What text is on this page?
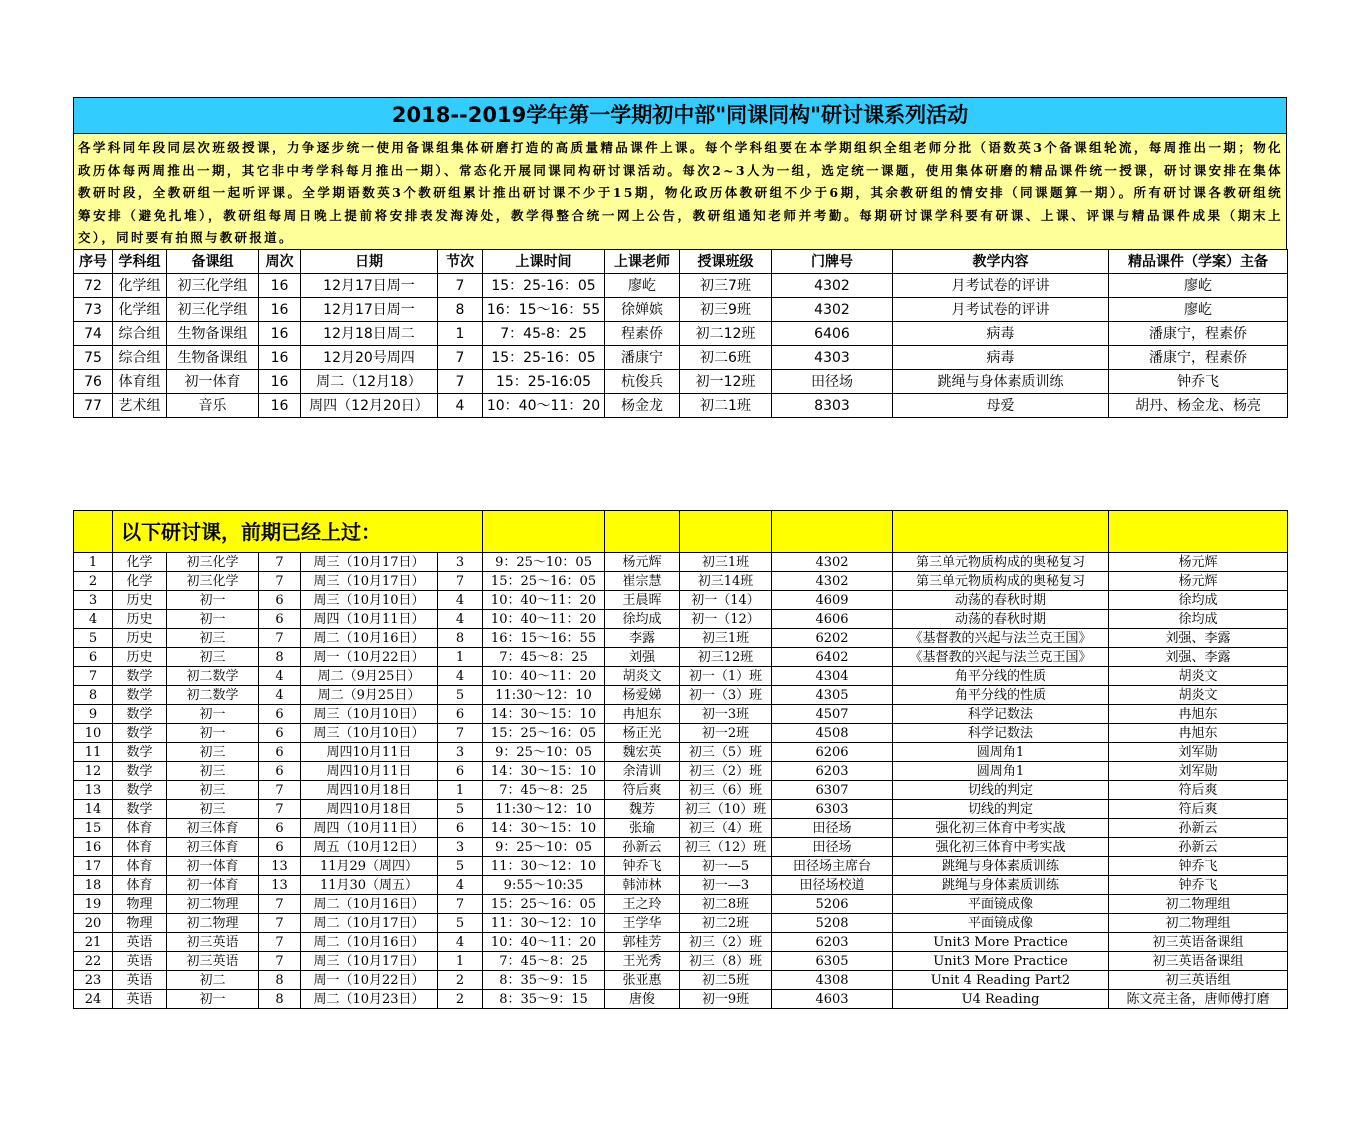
2018--2019学年第一学期初中部"同课同构"研讨课系列活动
各学科同年段同层次班级授课，力争逐步统一使用备课组集体研磨打造的高质量精品课件上课。每个学科组要在本学期组织全组老师分批（语数英3个备课组轮流，每周推出一期；物化政历体每两周推出一期，其它非中考学科每月推出一期）、常态化开展同课同构研讨课活动。每次2~3人为一组，选定统一课题，使用集体研磨的精品课件统一授课，研讨课安排在集体教研时段，全教研组一起听评课。全学期语数英3个教研组累计推出研讨课不少于15期，物化政历体教研组不少于6期，其余教研组的情安排（同课题算一期）。所有研讨课各教研组统筹安排（避免扎堆），教研组每周日晚上提前将安排表发海涛处，教学得整合统一网上公告，教研组通知老师并考勤。每期研讨课学科要有研课、上课、评课与精品课件成果（期末上交），同时要有拍照与教研报道。
序号	学科组	备课组	周次	日期	节次	上课时间	上课老师	授课班级	门牌号	教学内容	精品课件（学案）主备
72	化学组	初三化学组	16	12月17日周一	7	15：25-16：05	廖屹	初三7班	4302	月考试卷的评讲	廖屹
73	化学组	初三化学组	16	12月17日周一	8	16：15～16：55	徐婵嫔	初三9班	4302	月考试卷的评讲	廖屹
74	综合组	生物备课组	16	12月18日周二	1	7：45-8：25	程素侨	初二12班	6406	病毒	潘康宁，程素侨
75	综合组	生物备课组	16	12月20号周四	7	15：25-16：05	潘康宁	初二6班	4303	病毒	潘康宁，程素侨
76	体育组	初一体育	16	周二（12月18）	7	15：25-16:05	杭俊兵	初一12班	田径场	跳绳与身体素质训练	钟乔飞
77	艺术组	音乐	16	周四（12月20日）	4	10：40～11：20	杨金龙	初二1班	8303	母爱	胡丹、杨金龙、杨亮
	以下研讨课，前期已经上过：										
1	化学	初三化学	7	周三（10月17日）	3	9：25～10：05	杨元辉	初三1班	4302	第三单元物质构成的奥秘复习	杨元辉
2	化学	初三化学	7	周三（10月17日）	7	15：25～16：05	崔宗慧	初三14班	4302	第三单元物质构成的奥秘复习	杨元辉
3	历史	初一	6	周三（10月10日）	4	10：40～11：20	王晨晖	初一（14）	4609	动荡的春秋时期	徐均成
4	历史	初一	6	周四（10月11日）	4	10：40～11：20	徐均成	初一（12）	4606	动荡的春秋时期	徐均成
5	历史	初三	7	周二（10月16日）	8	16：15～16：55	李露	初三1班	6202	《基督教的兴起与法兰克王国》	刘强、李露
6	历史	初三	8	周一（10月22日）	1	7：45～8：25	刘强	初三12班	6402	《基督教的兴起与法兰克王国》	刘强、李露
7	数学	初二数学	4	周二（9月25日）	4	10：40～11：20	胡炎文	初一（1）班	4304	角平分线的性质	胡炎文
8	数学	初二数学	4	周二（9月25日）	5	11:30～12：10	杨爱娣	初一（3）班	4305	角平分线的性质	胡炎文
9	数学	初一	6	周三（10月10日）	6	14：30～15：10	冉旭东	初一3班	4507	科学记数法	冉旭东
10	数学	初一	6	周三（10月10日）	7	15：25～16：05	杨正光	初一2班	4508	科学记数法	冉旭东
11	数学	初三	6	周四10月11日	3	9：25～10：05	魏宏英	初三（5）班	6206	圆周角1	刘军勋
12	数学	初三	6	周四10月11日	6	14：30～15：10	余清训	初三（2）班	6203	圆周角1	刘军勋
13	数学	初三	7	周四10月18日	1	7：45～8：25	符后爽	初三（6）班	6307	切线的判定	符后爽
14	数学	初三	7	周四10月18日	5	11:30～12：10	魏芳	初三（10）班	6303	切线的判定	符后爽
15	体育	初三体育	6	周四（10月11日）	6	14：30～15：10	张瑜	初三（4）班	田径场	强化初三体育中考实战	孙新云
16	体育	初三体育	6	周五（10月12日）	3	9：25～10：05	孙新云	初三（12）班	田径场	强化初三体育中考实战	孙新云
17	体育	初一体育	13	11月29（周四）	5	11：30～12：10	钟乔飞	初一—5	田径场主席台	跳绳与身体素质训练	钟乔飞
18	体育	初一体育	13	11月30（周五）	4	9:55～10:35	韩沛林	初一—3	田径场校道	跳绳与身体素质训练	钟乔飞
19	物理	初二物理	7	周二（10月16日）	7	15：25～16：05	王之玲	初二8班	5206	平面镜成像	初二物理组
20	物理	初二物理	7	周二（10月17日）	5	11：30～12：10	王学华	初二2班	5208	平面镜成像	初二物理组
21	英语	初三英语	7	周二（10月16日）	4	10：40～11：20	郭桂芳	初三（2）班	6203	Unit3 More Practice	初三英语备课组
22	英语	初三英语	7	周三（10月17日）	1	7：45～8：25	王光秀	初三（8）班	6305	Unit3 More Practice	初三英语备课组
23	英语	初二	8	周一（10月22日）	2	8：35～9：15	张亚惠	初二5班	4308	Unit 4 Reading Part2	初三英语组
24	英语	初一	8	周二（10月23日）	2	8：35～9：15	唐俊	初一9班	4603	U4 Reading	陈文亮主备，唐师傅打磨
